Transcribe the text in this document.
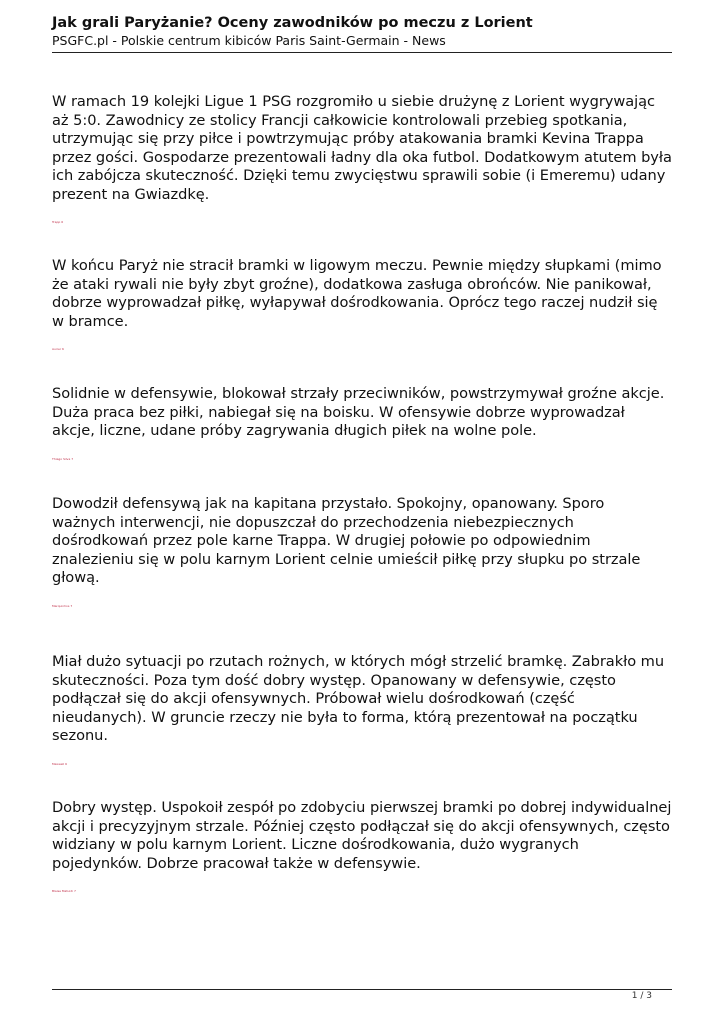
Jak grali Paryżanie? Oceny zawodników po meczu z Lorient
PSGFC.pl - Polskie centrum kibiców Paris Saint-Germain - News

W ramach 19 kolejki Ligue 1 PSG rozgromiło u siebie drużynę z Lorient wygrywając aż 5:0. Zawodnicy ze stolicy Francji całkowicie kontrolowali przebieg spotkania, utrzymując się przy piłce i powtrzymując próby atakowania bramki Kevina Trappa przez gości. Gospodarze prezentowali ładny dla oka futbol. Dodatkowym atutem była ich zabójcza skuteczność. Dzięki temu zwycięstwu sprawili sobie (i Emeremu) udany prezent na Gwiazdkę.

Trapp 6

W końcu Paryż nie stracił bramki w ligowym meczu. Pewnie między słupkami (mimo że ataki rywali nie były zbyt groźne), dodatkowa zasługa obrońców. Nie panikował, dobrze wyprowadzał piłkę, wyłapywał dośrodkowania. Oprócz tego raczej nudził się w bramce.

Aurier 6

Solidnie w defensywie, blokował strzały przeciwników, powstrzymywał groźne akcje. Duża praca bez piłki, nabiegał się na boisku. W ofensywie dobrze wyprowadzał akcje, liczne, udane próby zagrywania długich piłek na wolne pole.

Thiago Silva 7

Dowodził defensywą jak na kapitana przystało. Spokojny, opanowany. Sporo ważnych interwencji, nie dopuszczał do przechodzenia niebezpiecznych dośrodkowań przez pole karne Trappa. W drugiej połowie po odpowiednim znalezieniu się w polu karnym Lorient celnie umieścił piłkę przy słupku po strzale głową.

Marquinhos 7

Miał dużo sytuacji po rzutach rożnych, w których mógł strzelić bramkę. Zabrakło mu skuteczności. Poza tym dość dobry występ. Opanowany w defensywie, często podłączał się do akcji ofensywnych. Próbował wielu dośrodkowań (część nieudanych). W gruncie rzeczy nie była to forma, którą prezentował na początku sezonu.

Maxwell 6

Dobry występ. Uspokoił zespół po zdobyciu pierwszej bramki po dobrej indywidualnej akcji i precyzyjnym strzale. Później często podłączał się do akcji ofensywnych, często widziany w polu karnym Lorient. Liczne dośrodkowania, dużo wygranych pojedynków. Dobrze pracował także w defensywie.

Blaise Matuidi 7
1 / 3
